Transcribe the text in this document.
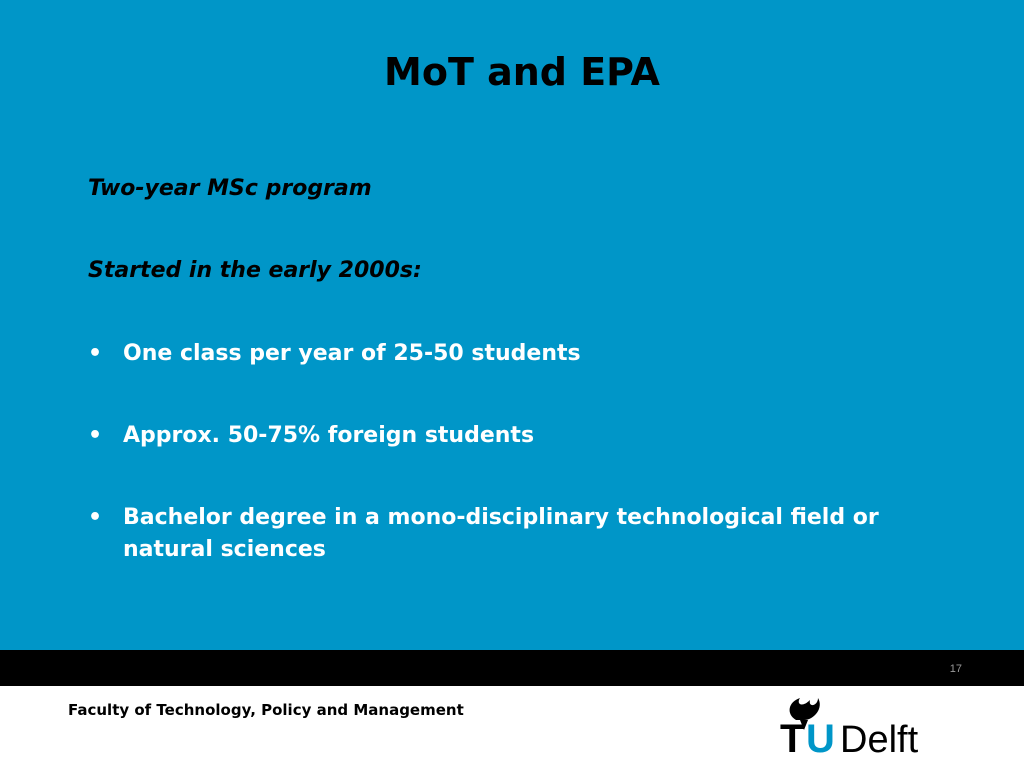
MoT and EPA
Two-year MSc program
Started in the early 2000s:
• One class per year of 25-50 students
• Approx. 50-75% foreign students
• Bachelor degree in a mono-disciplinary technological field or natural sciences
17
Faculty of Technology, Policy and Management
T U Delft
